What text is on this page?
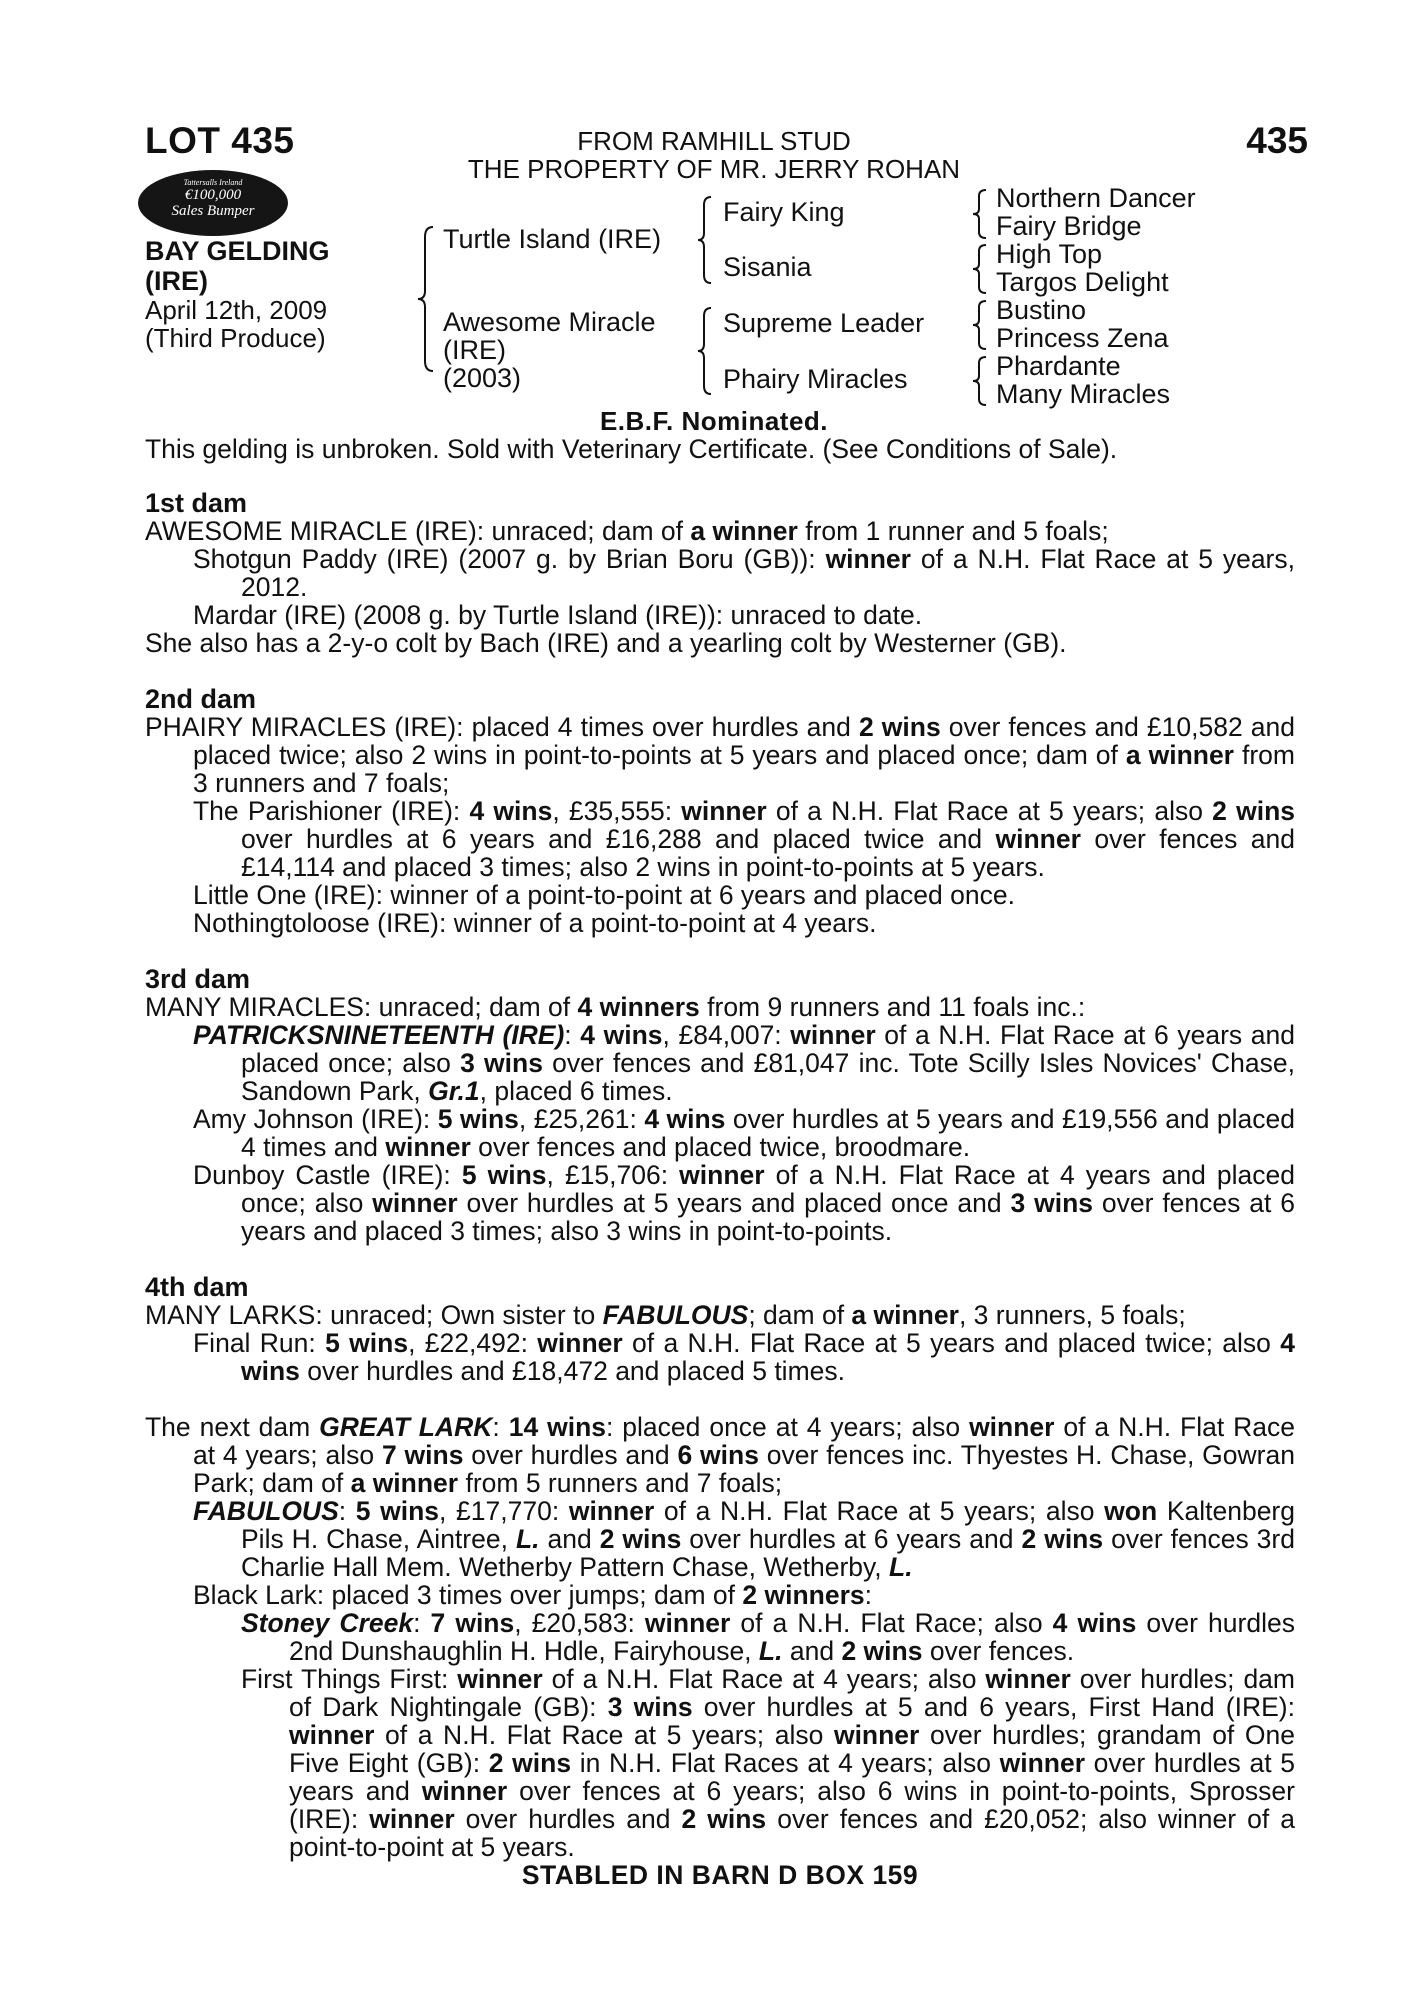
LOT 435	435
FROM RAMHILL STUD
THE PROPERTY OF MR. JERRY ROHAN
Tattersalls Ireland
€100,000
Sales Bumper
BAY GELDING
(IRE)
April 12th, 2009
(Third Produce)
Turtle Island (IRE)
Awesome Miracle
(IRE)
(2003)
Fairy King
Sisania
Supreme Leader
Phairy Miracles
Northern Dancer
Fairy Bridge
High Top
Targos Delight
Bustino
Princess Zena
Phardante
Many Miracles
E.B.F. Nominated.
This gelding is unbroken. Sold with Veterinary Certificate. (See Conditions of Sale).

1st dam

AWESOME MIRACLE (IRE): unraced; dam of a winner from 1 runner and 5 foals;

Shotgun Paddy (IRE) (2007 g. by Brian Boru (GB)): winner of a N.H. Flat Race at 5 years, 2012.

Mardar (IRE) (2008 g. by Turtle Island (IRE)): unraced to date.

She also has a 2-y-o colt by Bach (IRE) and a yearling colt by Westerner (GB).

2nd dam

PHAIRY MIRACLES (IRE): placed 4 times over hurdles and 2 wins over fences and £10,582 and placed twice; also 2 wins in point-to-points at 5 years and placed once; dam of a winner from 3 runners and 7 foals;

The Parishioner (IRE): 4 wins, £35,555: winner of a N.H. Flat Race at 5 years; also 2 wins over hurdles at 6 years and £16,288 and placed twice and winner over fences and £14,114 and placed 3 times; also 2 wins in point-to-points at 5 years.

Little One (IRE): winner of a point-to-point at 6 years and placed once.

Nothingtoloose (IRE): winner of a point-to-point at 4 years.

3rd dam

MANY MIRACLES: unraced; dam of 4 winners from 9 runners and 11 foals inc.:

PATRICKSNINETEENTH (IRE): 4 wins, £84,007: winner of a N.H. Flat Race at 6 years and placed once; also 3 wins over fences and £81,047 inc. Tote Scilly Isles Novices' Chase, Sandown Park, Gr.1, placed 6 times.

Amy Johnson (IRE): 5 wins, £25,261: 4 wins over hurdles at 5 years and £19,556 and placed 4 times and winner over fences and placed twice, broodmare.

Dunboy Castle (IRE): 5 wins, £15,706: winner of a N.H. Flat Race at 4 years and placed once; also winner over hurdles at 5 years and placed once and 3 wins over fences at 6 years and placed 3 times; also 3 wins in point-to-points.

4th dam

MANY LARKS: unraced; Own sister to FABULOUS; dam of a winner, 3 runners, 5 foals;

Final Run: 5 wins, £22,492: winner of a N.H. Flat Race at 5 years and placed twice; also 4 wins over hurdles and £18,472 and placed 5 times.

The next dam GREAT LARK: 14 wins: placed once at 4 years; also winner of a N.H. Flat Race at 4 years; also 7 wins over hurdles and 6 wins over fences inc. Thyestes H. Chase, Gowran Park; dam of a winner from 5 runners and 7 foals;

FABULOUS: 5 wins, £17,770: winner of a N.H. Flat Race at 5 years; also won Kaltenberg Pils H. Chase, Aintree, L. and 2 wins over hurdles at 6 years and 2 wins over fences 3rd Charlie Hall Mem. Wetherby Pattern Chase, Wetherby, L.

Black Lark: placed 3 times over jumps; dam of 2 winners:

Stoney Creek: 7 wins, £20,583: winner of a N.H. Flat Race; also 4 wins over hurdles 2nd Dunshaughlin H. Hdle, Fairyhouse, L. and 2 wins over fences.

First Things First: winner of a N.H. Flat Race at 4 years; also winner over hurdles; dam of Dark Nightingale (GB): 3 wins over hurdles at 5 and 6 years, First Hand (IRE): winner of a N.H. Flat Race at 5 years; also winner over hurdles; grandam of One Five Eight (GB): 2 wins in N.H. Flat Races at 4 years; also winner over hurdles at 5 years and winner over fences at 6 years; also 6 wins in point-to-points, Sprosser (IRE): winner over hurdles and 2 wins over fences and £20,052; also winner of a point-to-point at 5 years.

STABLED IN BARN D BOX 159
